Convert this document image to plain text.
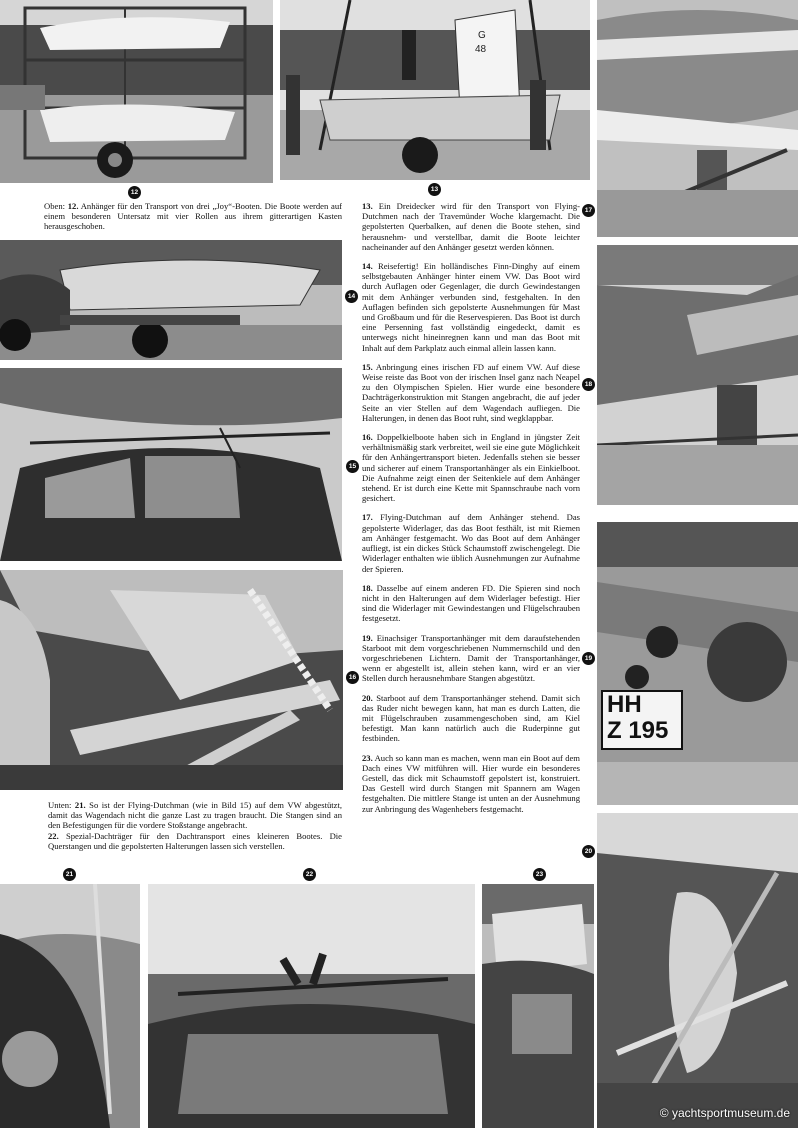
G
48
HH
Z 195
12	13
14
15
16
17
18
19
20
21	22	23

Oben: 12. Anhänger für den Transport von drei „Joy“-Booten. Die Boote werden auf einem besonderen Untersatz mit vier Rollen aus ihrem gitterartigen Kasten herausgeschoben.

13. Ein Dreidecker wird für den Transport von Flying-Dutchmen nach der Travemünder Woche klargemacht. Die gepolsterten Querbalken, auf denen die Boote stehen, sind herausnehm- und verstellbar, damit die Boote leichter nacheinander auf den Anhänger gesetzt werden können.

14. Reisefertig! Ein holländisches Finn-Dinghy auf einem selbstgebauten Anhänger hinter einem VW. Das Boot wird durch Auflagen oder Gegenlager, die durch Gewindestangen mit dem Anhänger verbunden sind, festgehalten. In den Auflagen befinden sich gepolsterte Ausnehmungen für Mast und Großbaum und für die Reservespieren. Das Boot ist durch eine Persenning fast vollständig eingedeckt, damit es unterwegs nicht hineinregnen kann und man das Boot mit Inhalt auf dem Parkplatz auch einmal allein lassen kann.

15. Anbringung eines irischen FD auf einem VW. Auf diese Weise reiste das Boot von der irischen Insel ganz nach Neapel zu den Olympischen Spielen. Hier wurde eine besondere Dachträgerkonstruktion mit Stangen angebracht, die auf jeder Seite an vier Stellen auf dem Wagendach aufliegen. Die Halterungen, in denen das Boot ruht, sind wegklappbar.

16. Doppelkielboote haben sich in England in jüngster Zeit verhältnismäßig stark verbreitet, weil sie eine gute Möglichkeit für den Anhängertransport bieten. Jedenfalls stehen sie besser und sicherer auf einem Transportanhänger als ein Einkielboot. Die Aufnahme zeigt einen der Seitenkiele auf dem Anhänger stehend. Er ist durch eine Kette mit Spannschraube nach vorn gesichert.

17. Flying-Dutchman auf dem Anhänger stehend. Das gepolsterte Widerlager, das das Boot festhält, ist mit Riemen am Anhänger festgemacht. Wo das Boot auf dem Anhänger aufliegt, ist ein dickes Stück Schaumstoff zwischengelegt. Die Widerlager enthalten wie üblich Ausnehmungen zur Aufnahme der Spieren.

18. Dasselbe auf einem anderen FD. Die Spieren sind noch nicht in den Halterungen auf dem Widerlager befestigt. Hier sind die Widerlager mit Gewindestangen und Flügelschrauben festgesetzt.

19. Einachsiger Transportanhänger mit dem daraufstehenden Starboot mit dem vorgeschriebenen Nummernschild und den vorgeschriebenen Lichtern. Damit der Transportanhänger, wenn er abgestellt ist, allein stehen kann, wird er an vier Stellen durch herausnehmbare Stangen abgestützt.

20. Starboot auf dem Transportanhänger stehend. Damit sich das Ruder nicht bewegen kann, hat man es durch Latten, die mit Flügelschrauben zusammengeschoben sind, am Kiel befestigt. Man kann natürlich auch die Ruderpinne gut festbinden.

23. Auch so kann man es machen, wenn man ein Boot auf dem Dach eines VW mitführen will. Hier wurde ein besonderes Gestell, das dick mit Schaumstoff gepolstert ist, konstruiert. Das Gestell wird durch Stangen mit Spannern am Wagen festgehalten. Die mittlere Stange ist unten an der Ausnehmung zur Anbringung des Wagenhebers festgemacht.

Unten: 21. So ist der Flying-Dutchman (wie in Bild 15) auf dem VW abgestützt, damit das Wagendach nicht die ganze Last zu tragen braucht. Die Stangen sind an den Befestigungen für die vordere Stoßstange angebracht.

22. Spezial-Dachträger für den Dachtransport eines kleineren Bootes. Die Querstangen und die gepolsterten Halterungen lassen sich verstellen.

© yachtsportmuseum.de
